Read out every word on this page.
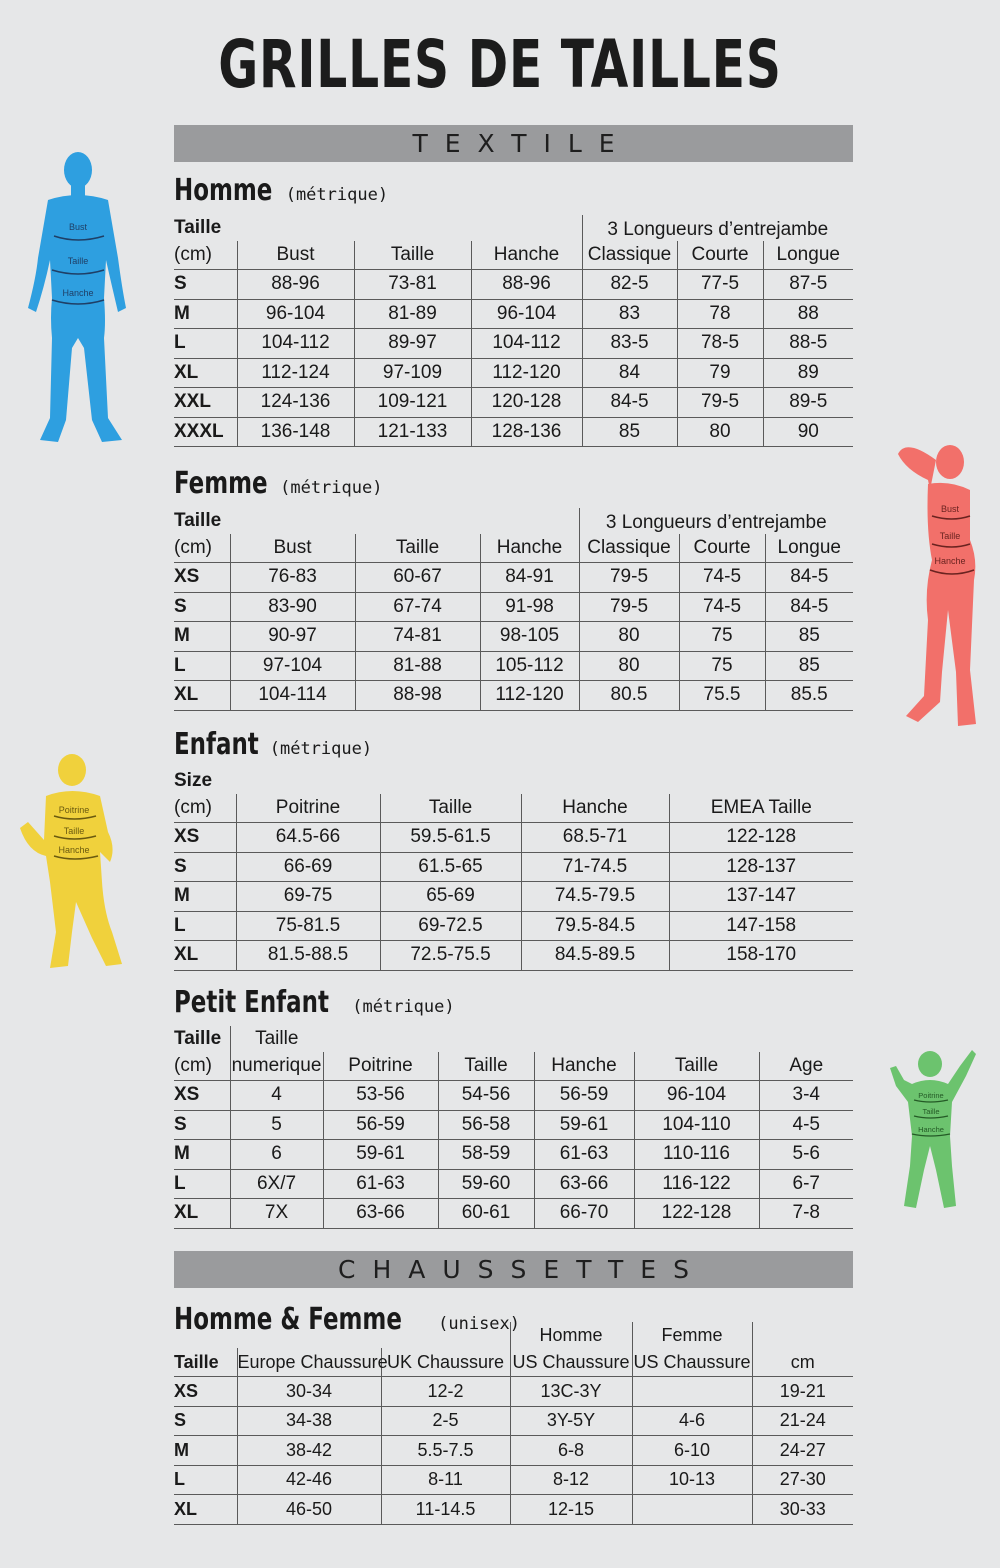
GRILLES DE TAILLES
TEXTILE
Homme (métrique)
Taille				3 Longueurs d’entrejambe		
(cm)	Bust	Taille	Hanche	Classique	Courte	Longue
S	88-96	73-81	88-96	82-5	77-5	87-5
M	96-104	81-89	96-104	83	78	88
L	104-112	89-97	104-112	83-5	78-5	88-5
XL	112-124	97-109	112-120	84	79	89
XXL	124-136	109-121	120-128	84-5	79-5	89-5
XXXL	136-148	121-133	128-136	85	80	90
Femme (métrique)
Taille				3 Longueurs d’entrejambe		
(cm)	Bust	Taille	Hanche	Classique	Courte	Longue
XS	76-83	60-67	84-91	79-5	74-5	84-5
S	83-90	67-74	91-98	79-5	74-5	84-5
M	90-97	74-81	98-105	80	75	85
L	97-104	81-88	105-112	80	75	85
XL	104-114	88-98	112-120	80.5	75.5	85.5
Enfant (métrique)
Size				
(cm)	Poitrine	Taille	Hanche	EMEA Taille
XS	64.5-66	59.5-61.5	68.5-71	122-128
S	66-69	61.5-65	71-74.5	128-137
M	69-75	65-69	74.5-79.5	137-147
L	75-81.5	69-72.5	79.5-84.5	147-158
XL	81.5-88.5	72.5-75.5	84.5-89.5	158-170
Petit Enfant (métrique)
Taille	Taille					
(cm)	numerique	Poitrine	Taille	Hanche	Taille	Age
XS	4	53-56	54-56	56-59	96-104	3-4
S	5	56-59	56-58	59-61	104-110	4-5
M	6	59-61	58-59	61-63	110-116	5-6
L	6X/7	61-63	59-60	63-66	116-122	6-7
XL	7X	63-66	60-61	66-70	122-128	7-8
CHAUSSETTES
Homme & Femme (unisex)
			Homme	Femme	
Taille	Europe Chaussure	UK Chaussure	US Chaussure	US Chaussure	cm
XS	30-34	12-2	13C-3Y		19-21
S	34-38	2-5	3Y-5Y	4-6	21-24
M	38-42	5.5-7.5	6-8	6-10	24-27
L	42-46	8-11	8-12	10-13	27-30
XL	46-50	11-14.5	12-15		30-33
Bust
Taille
Hanche
Bust
Taille
Hanche
Poitrine
Taille
Hanche
Poitrine
Taille
Hanche
